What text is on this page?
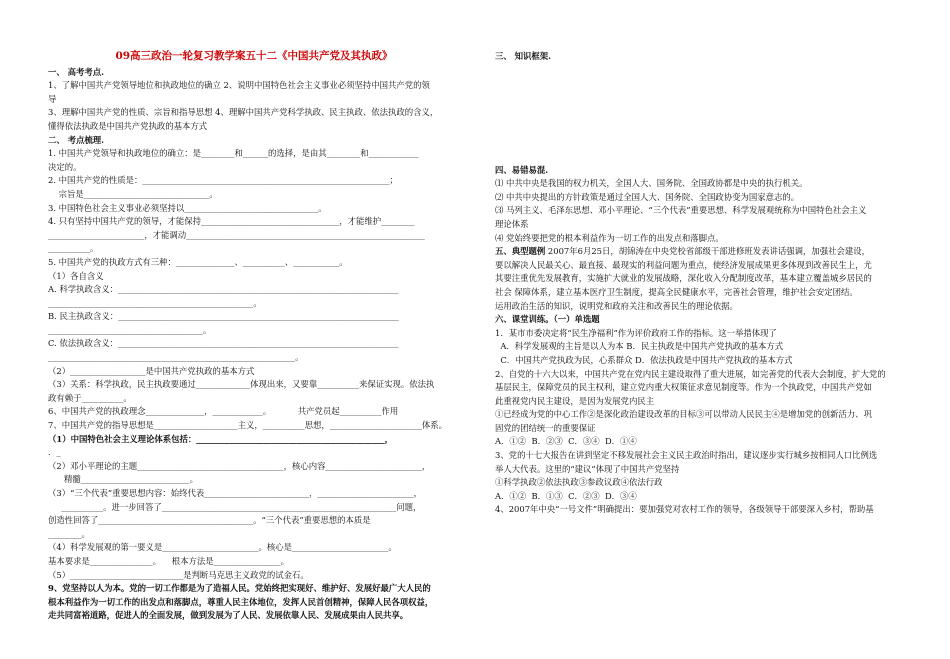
09高三政治一轮复习教学案五十二《中国共产党及其执政》

一、 高考考点.

1、了解中国共产党领导地位和执政地位的确立 2、说明中国特色社会主义事业必须坚持中国共产党的领

导

3、理解中国共产党的性质、宗旨和指导思想 4、理解中国共产党科学执政、民主执政、依法执政的含义，

懂得依法执政是中国共产党执政的基本方式

二、 考点梳理.

1. 中国共产党领导和执政地位的确立：是________和______的选择，是由其________和____________

决定的。

2. 中国共产党的性质是：___________________________________________________________；

宗旨是______________________________。

3. 中国特色社会主义事业必须坚持以________________________________。

4. 只有坚持中国共产党的领导，才能保持_________________________________，才能维护________

_______________________，才能调动_________________________________________________________

__________。

5. 中国共产党的执政方式有三种：______________、__________、___________。

（1）各自含义

A. 科学执政含义：___________________________________________________________________

_________________________________________________。

B. 民主执政含义：___________________________________________________________________

_____________________________________。

C. 依法执政含义：___________________________________________________________________

___________________________________________________________。

（2）__________________是中国共产党执政的基本方式

（3）关系：科学执政，民主执政要通过_____________体现出来，又要靠__________来保证实现。依法执

政有赖于__________。

6、中国共产党的执政理念______________，____________。          共产党员起__________作用

7、中国共产党的指导思想是____________________主义，__________思想，______________________体系。

（1）中国特色社会主义理论体系包括：_____________________________________________，

．_

（2）邓小平理论的主题___________________________________，核心内容_______________________，

精髓__________________________。

（3）“三个代表”重要思想内容：始终代表_________________________，_______________________，

__________。进一步回答了________________________________________________________问题，

创造性回答了_____________________________________。“三个代表”重要思想的本质是

________。

（4）科学发展观的第一要义是_______________________。核心是_______________________。

基本要求是_______________。    根本方法是________________。

（5）___________________________是判断马克思主义政党的试金石。

9、党坚持以人为本。党的一切工作都是为了造福人民。党始终把实现好、维护好、发展好最广大人民的

根本利益作为一切工作的出发点和落脚点，尊重人民主体地位，发挥人民首创精神，保障人民各项权益，

走共同富裕道路，促进人的全面发展，做到发展为了人民、发展依靠人民、发展成果由人民共享。

三、 知识框架.

四、易错易混.

⑴ 中共中央是我国的权力机关，全国人大、国务院、全国政协都是中央的执行机关。

⑵ 中共中央提出的方针政策是通过全国人大、国务院、全国政协变为国家意志的。

⑶ 马列主义、毛泽东思想、邓小平理论、“三个代表”重要思想、科学发展观统称为中国特色社会主义

理论体系

⑷ 党始终要把党的根本利益作为一切工作的出发点和落脚点。

五、典型题例 2007年6月25日，胡锦涛在中央党校省部级干部进修班发表讲话强调，加强社会建设，

要以解决人民最关心、最直接、最现实的利益问题为重点，使经济发展成果更多体现到改善民生上，尤

其要注重优先发展教育，实施扩大就业的发展战略，深化收入分配制度改革，基本建立覆盖城乡居民的

社会 保障体系，建立基本医疗卫生制度，提高全民健康水平，完善社会管理，维护社会安定团结。

运用政治生活的知识，说明党和政府关注和改善民生的理论依据。

六、课堂训练。（一）单选题

1．某市市委决定将“民生净福利”作为评价政府工作的指标。这一举措体现了

A．科学发展观的主旨是以人为本 B．民主执政是中国共产党执政的基本方式

C．中国共产党执政为民，心系群众 D．依法执政是中国共产党执政的基本方式

2、自党的十六大以来，中国共产党在党内民主建设取得了重大进展，如完善党的代表大会制度，扩大党的

基层民主，保障党员的民主权利，建立党内重大权策征求意见制度等。作为一个执政党，中国共产党如

此重视党内民主建设，是因为发展党内民主

①已经成为党的中心工作②是深化政治建设改革的目标③可以带动人民民主④是增加党的创新活力、巩

固党的团结统一的重要保证

A．①②  B．②③  C．③④  D．①④

3、党的十七大报告在讲到坚定不移发展社会主义民主政治时指出，建议逐步实行城乡按相同人口比例选

举人大代表。这里的“建议”体现了中国共产党坚持

①科学执政②依法执政③参政议政④依法行政

A．①②  B．①③  C．②③  D．③④

4、2007年中央“一号文件”明确提出：要加强党对农村工作的领导，各级领导干部要深入乡村，帮助基
